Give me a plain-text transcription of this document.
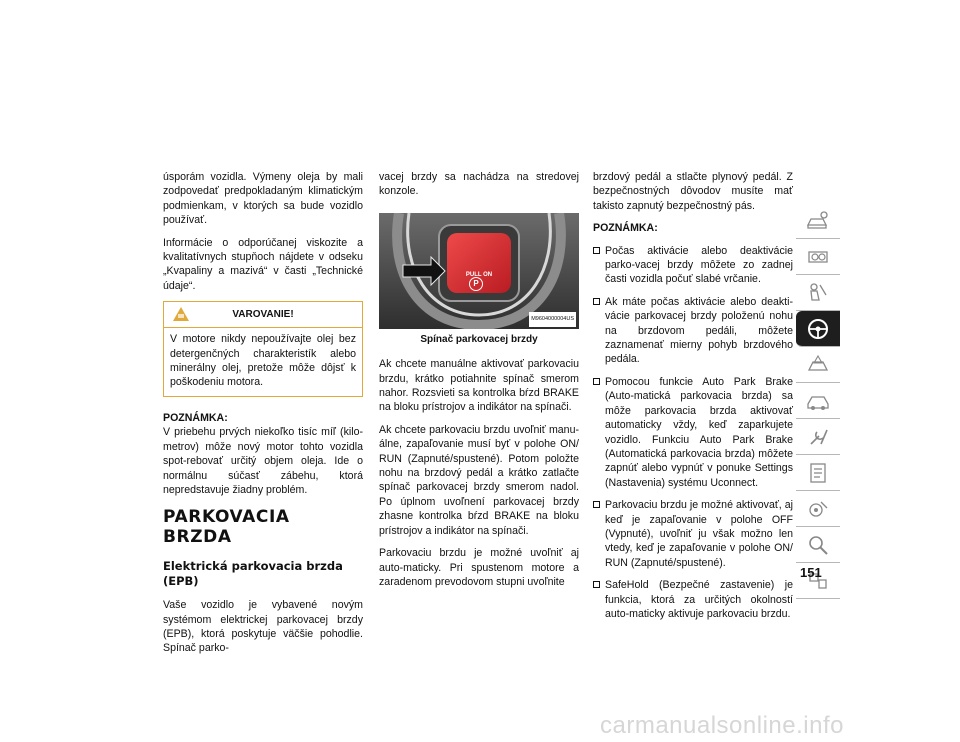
úsporám vozidla. Výmeny oleja by mali zodpovedať predpokladaným klimatickým podmienkam, v ktorých sa bude vozidlo používať.

Informácie o odporúčanej viskozite a kvalitatívnych stupňoch nájdete v odseku „Kvapaliny a mazivá“ v časti „Technické údaje“.

VAROVANIE!
V motore nikdy nepoužívajte olej bez detergenčných charakteristík alebo minerálny olej, pretože môže dôjsť k poškodeniu motora.

POZNÁMKA:

V priebehu prvých niekoľko tisíc míľ (kilo-metrov) môže nový motor tohto vozidla spot-rebovať určitý objem oleja. Ide o normálnu súčasť zábehu, ktorá nepredstavuje žiadny problém.

PARKOVACIA BRZDA
Elektrická parkovacia brzda (EPB)

Vaše vozidlo je vybavené novým systémom elektrickej parkovacej brzdy (EPB), ktorá poskytuje väčšie pohodlie. Spínač parko-

vacej brzdy sa nachádza na stredovej konzole.

PULL ON
P
M9604000004US
Spínač parkovacej brzdy

Ak chcete manuálne aktivovať parkovaciu brzdu, krátko potiahnite spínač smerom nahor. Rozsvieti sa kontrolka bŕzd BRAKE na bloku prístrojov a indikátor na spínači.

Ak chcete parkovaciu brzdu uvoľniť manu-álne, zapaľovanie musí byť v polohe ON/ RUN (Zapnuté/spustené). Potom položte nohu na brzdový pedál a krátko zatlačte spínač parkovacej brzdy smerom nadol. Po úplnom uvoľnení parkovacej brzdy zhasne kontrolka bŕzd BRAKE na bloku prístrojov a indikátor na spínači.

Parkovaciu brzdu je možné uvoľniť aj auto-maticky. Pri spustenom motore a zaradenom prevodovom stupni uvoľnite

brzdový pedál a stlačte plynový pedál. Z bezpečnostných dôvodov musíte mať takisto zapnutý bezpečnostný pás.

POZNÁMKA:

Počas aktivácie alebo deaktivácie parko-vacej brzdy môžete zo zadnej časti vozidla počuť slabé vrčanie.
Ak máte počas aktivácie alebo deakti-vácie parkovacej brzdy položenú nohu na brzdovom pedáli, môžete zaznamenať mierny pohyb brzdového pedála.
Pomocou funkcie Auto Park Brake (Auto-matická parkovacia brzda) sa môže parkovacia brzda aktivovať automaticky vždy, keď zaparkujete vozidlo. Funkciu Auto Park Brake (Automatická parkovacia brzda) môžete zapnúť alebo vypnúť v ponuke Settings (Nastavenia) systému Uconnect.
Parkovaciu brzdu je možné aktivovať, aj keď je zapaľovanie v polohe OFF (Vypnuté), uvoľniť ju však možno len vtedy, keď je zapaľovanie v polohe ON/ RUN (Zapnuté/spustené).
SafeHold (Bezpečné zastavenie) je funkcia, ktorá za určitých okolností auto-maticky aktivuje parkovaciu brzdu.
151
carmanualsonline.info
